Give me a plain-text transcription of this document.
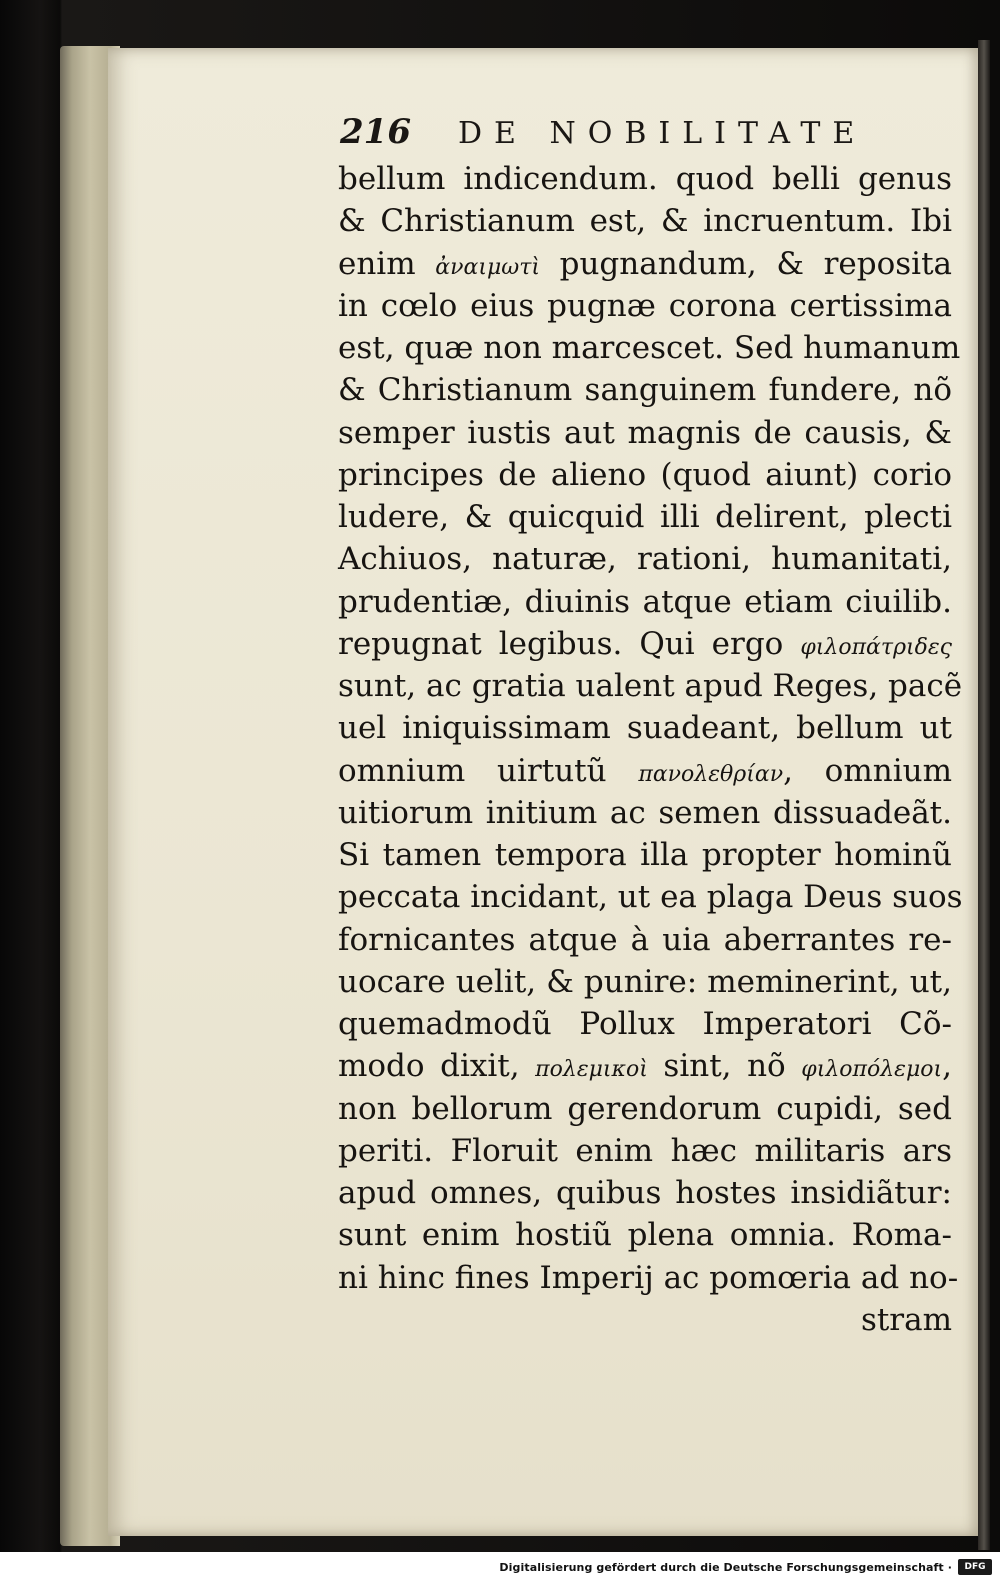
216 DE NOBILITATE
bellum indicendum. quod belli genus
& Christianum est, & incruentum. Ibi
enim ἀναιμωτὶ pugnandum, & reposita
in cœlo eius pugnæ corona certissima
est, quæ non marcescet. Sed humanum
& Christianum sanguinem fundere, nõ
semper iustis aut magnis de causis, &
principes de alieno (quod aiunt) corio
ludere, & quicquid illi delirent, plecti
Achiuos, naturæ, rationi, humanitati,
prudentiæ, diuinis atque etiam ciuilib.
repugnat legibus. Qui ergo φιλοπάτριδες
sunt, ac gratia ualent apud Reges, pacẽ
uel iniquissimam suadeant, bellum ut
omnium uirtutũ πανολεθρίαν, omnium
uitiorum initium ac semen dissuadeãt.
Si tamen tempora illa propter hominũ
peccata incidant, ut ea plaga Deus suos
fornicantes atque à uia aberrantes re-
uocare uelit, & punire: meminerint, ut,
quemadmodũ Pollux Imperatori Cõ-
modo dixit, πολεμικοὶ sint, nõ φιλοπόλεμοι,
non bellorum gerendorum cupidi, sed
periti. Floruit enim hæc militaris ars
apud omnes, quibus hostes insidiãtur:
sunt enim hostiũ plena omnia. Roma-
ni hinc fines Imperij ac pomœria ad no-
stram
Digitalisierung gefördert durch die Deutsche Forschungsgemeinschaft ·	DFG
